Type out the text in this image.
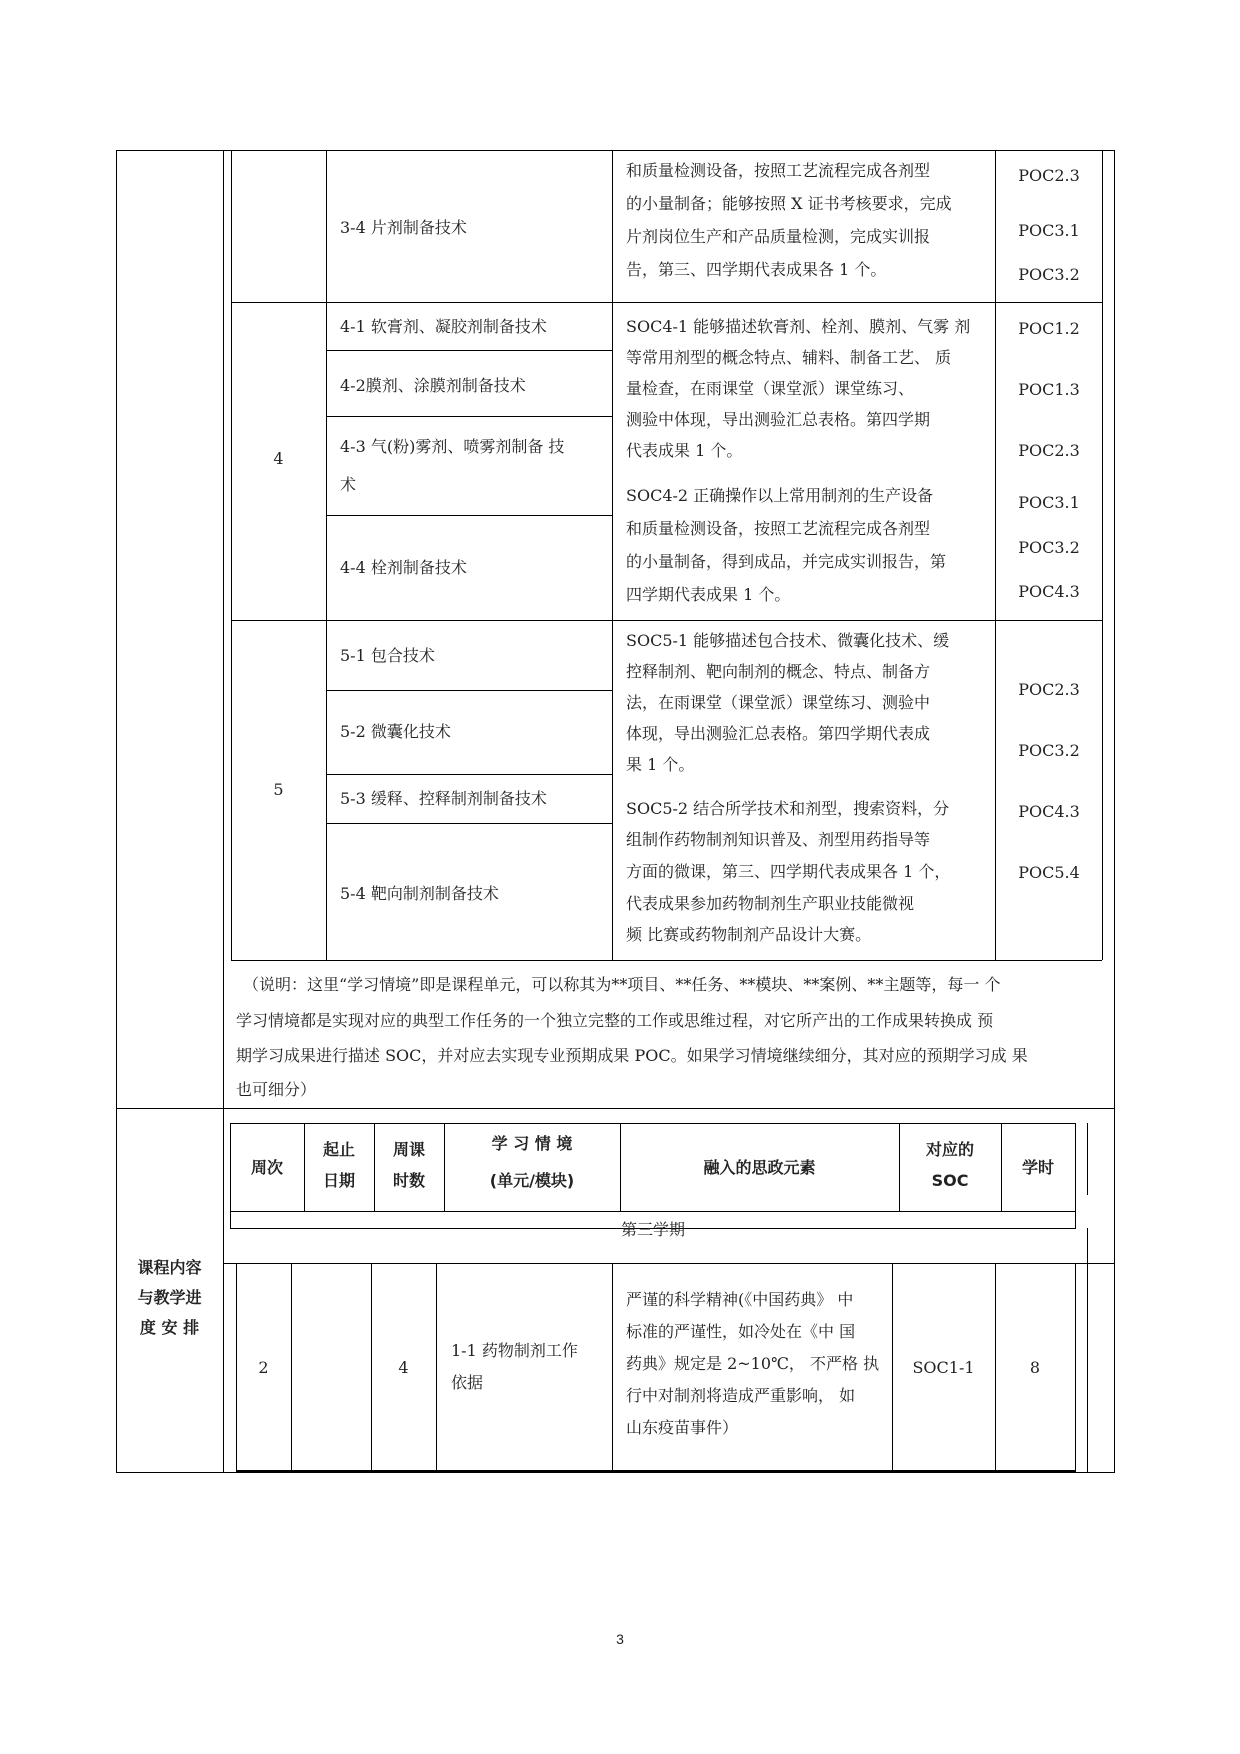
3-4 片剂制备技术
和质量检测设备，按照工艺流程完成各剂型
的小量制备；能够按照 X 证书考核要求，完成
片剂岗位生产和产品质量检测，完成实训报
告，第三、四学期代表成果各 1 个。
POC2.3
POC3.1
POC3.2
4
4-1 软膏剂、凝胶剂制备技术
4-2膜剂、涂膜剂制备技术
4-3 气(粉)雾剂、喷雾剂制备 技
术
4-4 栓剂制备技术
SOC4-1 能够描述软膏剂、栓剂、膜剂、气雾 剂
等常用剂型的概念特点、辅料、制备工艺、 质
量检查，在雨课堂（课堂派）课堂练习、
测验中体现，导出测验汇总表格。第四学期
代表成果 1 个。
SOC4-2 正确操作以上常用制剂的生产设备
和质量检测设备，按照工艺流程完成各剂型
的小量制备，得到成品，并完成实训报告，第
四学期代表成果 1 个。
POC1.2
POC1.3
POC2.3
POC3.1
POC3.2
POC4.3
5
5-1 包合技术
5-2 微囊化技术
5-3 缓释、控释制剂制备技术
5-4 靶向制剂制备技术
SOC5-1 能够描述包合技术、微囊化技术、缓
控释制剂、靶向制剂的概念、特点、制备方
法，在雨课堂（课堂派）课堂练习、测验中
体现，导出测验汇总表格。第四学期代表成
果 1 个。
SOC5-2 结合所学技术和剂型，搜索资料，分
组制作药物制剂知识普及、剂型用药指导等
方面的微课，第三、四学期代表成果各 1 个，
代表成果参加药物制剂生产职业技能微视
频 比赛或药物制剂产品设计大赛。
POC2.3
POC3.2
POC4.3
POC5.4
（说明：这里“学习情境”即是课程单元，可以称其为**项目、**任务、**模块、**案例、**主题等，每一 个
学习情境都是实现对应的典型工作任务的一个独立完整的工作或思维过程，对它所产出的工作成果转换成 预
期学习成果进行描述 SOC，并对应去实现专业预期成果 POC。如果学习情境继续细分，其对应的预期学习成 果
也可细分）
课程内容
与教学进
度 安 排
周次
起止
日期
周课
时数
学 习 情 境
(单元/模块)
融入的思政元素
对应的
SOC
学时
第三学期
2	4
1-1 药物制剂工作
依据
严谨的科学精神(《中国药典》 中
标准的严谨性，如冷处在《中 国
药典》规定是 2~10℃， 不严格 执
行中对制剂将造成严重影响， 如
山东疫苗事件）
SOC1-1	8
3
